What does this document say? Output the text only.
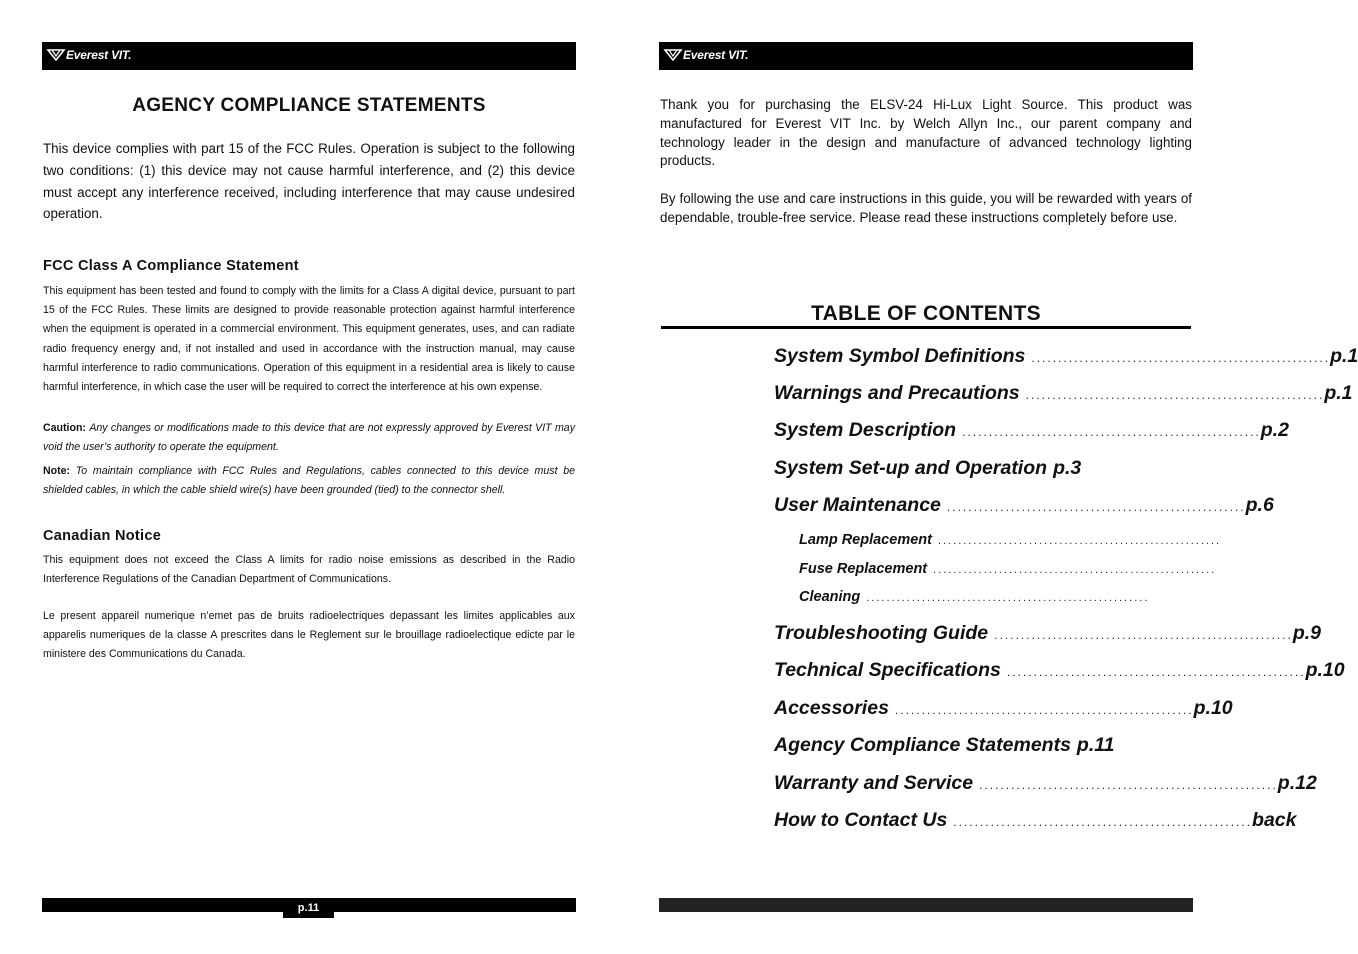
Everest VIT.
AGENCY COMPLIANCE STATEMENTS

This device complies with part 15 of the FCC Rules. Operation is subject to the following two conditions: (1) this device may not cause harmful interference, and (2) this device must accept any interference received, including interference that may cause undesired operation.

FCC Class A Compliance Statement

This equipment has been tested and found to comply with the limits for a Class A digital device, pursuant to part 15 of the FCC Rules. These limits are designed to provide reasonable protection against harmful interference when the equipment is operated in a commercial environment. This equipment generates, uses, and can radiate radio frequency energy and, if not installed and used in accordance with the instruction manual, may cause harmful interference to radio communications. Operation of this equipment in a residential area is likely to cause harmful interference, in which case the user will be required to correct the interference at his own expense.

Caution: Any changes or modifications made to this device that are not expressly approved by Everest VIT may void the user’s authority to operate the equipment.

Note: To maintain compliance with FCC Rules and Regulations, cables connected to this device must be shielded cables, in which the cable shield wire(s) have been grounded (tied) to the connector shell.

Canadian Notice

This equipment does not exceed the Class A limits for radio noise emissions as described in the Radio Interference Regulations of the Canadian Department of Communications.

Le present appareil numerique n’emet pas de bruits radioelectriques depassant les limites applicables aux apparelis numeriques de la classe A prescrites dans le Reglement sur le brouillage radioelectique edicte par le ministere des Communications du Canada.

p.11
Everest VIT.

Thank you for purchasing the ELSV-24 Hi-Lux Light Source. This product was manufactured for Everest VIT Inc. by Welch Allyn Inc., our parent company and technology leader in the design and manufacture of advanced technology lighting products.

By following the use and care instructions in this guide, you will be rewarded with years of dependable, trouble-free service. Please read these instructions completely before use.

TABLE OF CONTENTS
System Symbol Definitions ........................................................ p.1
Warnings and Precautions ........................................................ p.1
System Description ........................................................ p.2
System Set-up and Operation p.3
User Maintenance ........................................................ p.6
Lamp Replacement ........................................................
Fuse Replacement ........................................................
Cleaning ........................................................
Troubleshooting Guide ........................................................ p.9
Technical Specifications ........................................................ p.10
Accessories ........................................................ p.10
Agency Compliance Statements p.11
Warranty and Service ........................................................ p.12
How to Contact Us ........................................................ back
